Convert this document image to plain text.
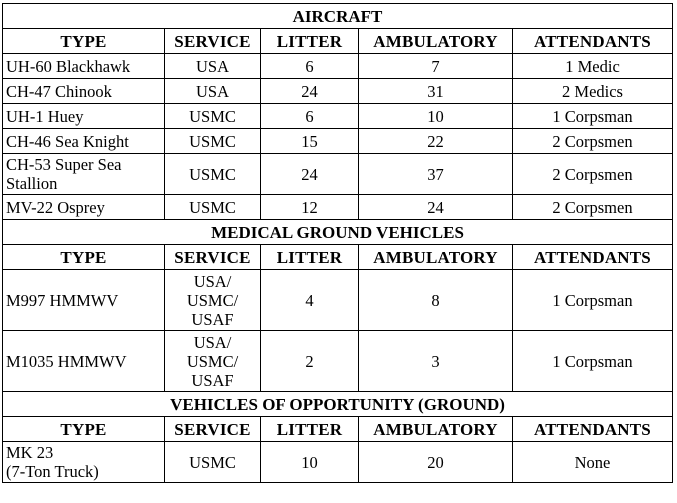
AIRCRAFT				
TYPE	SERVICE	LITTER	AMBULATORY	ATTENDANTS
UH-60 Blackhawk	USA	6	7	1 Medic
CH-47 Chinook	USA	24	31	2 Medics
UH-1 Huey	USMC	6	10	1 Corpsman
CH-46 Sea Knight	USMC	15	22	2 Corpsmen
CH-53 Super Sea Stallion	USMC	24	37	2 Corpsmen
MV-22 Osprey	USMC	12	24	2 Corpsmen
MEDICAL GROUND VEHICLES				
TYPE	SERVICE	LITTER	AMBULATORY	ATTENDANTS
M997 HMMWV	USA/
USMC/
USAF	4	8	1 Corpsman
M1035 HMMWV	USA/
USMC/
USAF	2	3	1 Corpsman
VEHICLES OF OPPORTUNITY (GROUND)				
TYPE	SERVICE	LITTER	AMBULATORY	ATTENDANTS

MK 23
(7-Ton Truck)	USMC	10	20	None
